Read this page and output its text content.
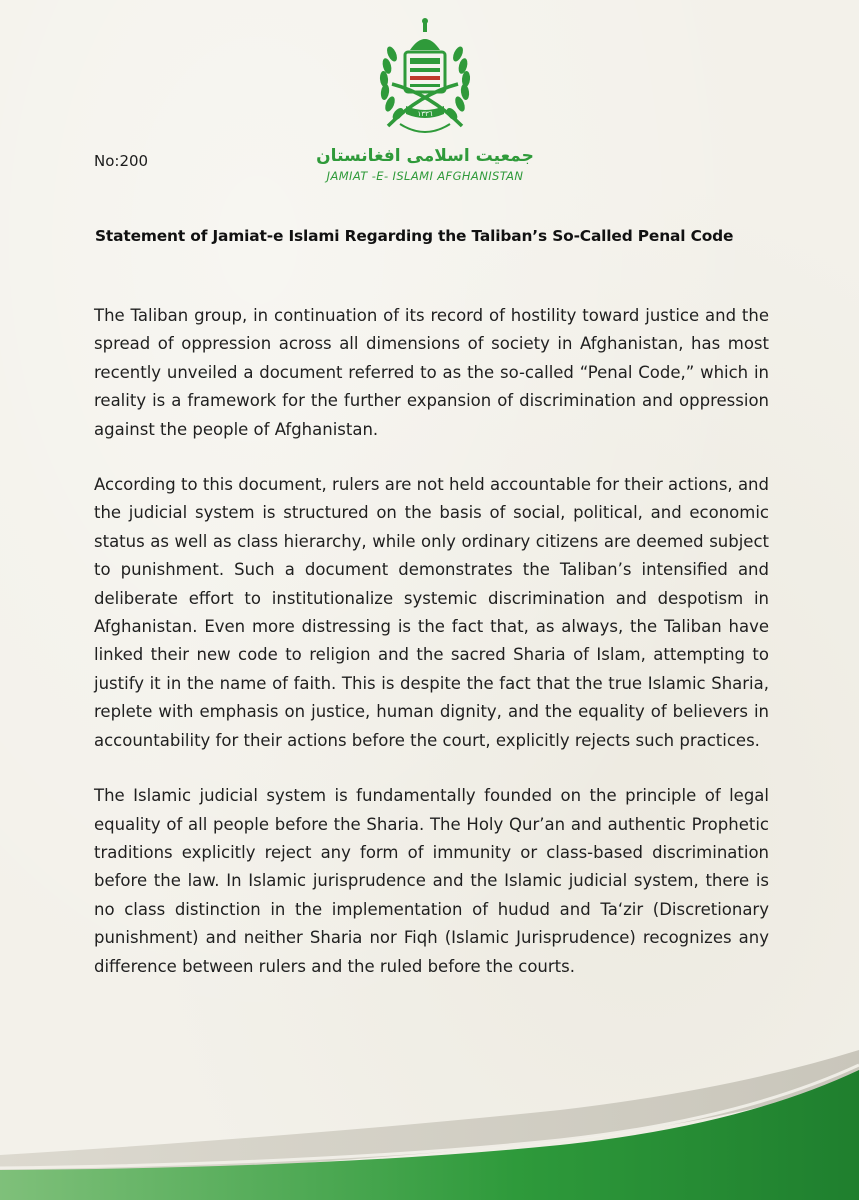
١٣٣٦
جمعیت اسلامی افغانستان
JAMIAT -E- ISLAMI AFGHANISTAN
No:200
Statement of Jamiat-e Islami Regarding the Taliban’s So-Called Penal Code

The Taliban group, in continuation of its record of hostility toward justice and the spread of oppression across all dimensions of society in Afghanistan, has most recently unveiled a document referred to as the so-called “Penal Code,” which in reality is a framework for the further expansion of discrimination and oppression against the people of Afghanistan.

According to this document, rulers are not held accountable for their actions, and the judicial system is structured on the basis of social, political, and economic status as well as class hierarchy, while only ordinary citizens are deemed subject to punishment. Such a document demonstrates the Taliban’s intensified and deliberate effort to institutionalize systemic discrimination and despotism in Afghanistan. Even more distressing is the fact that, as always, the Taliban have linked their new code to religion and the sacred Sharia of Islam, attempting to justify it in the name of faith. This is despite the fact that the true Islamic Sharia, replete with emphasis on justice, human dignity, and the equality of believers in accountability for their actions before the court, explicitly rejects such practices.

The Islamic judicial system is fundamentally founded on the principle of legal equality of all people before the Sharia. The Holy Qur’an and authentic Prophetic traditions explicitly reject any form of immunity or class-based discrimination before the law. In Islamic jurisprudence and the Islamic judicial system, there is no class distinction in the implementation of hudud and Ta‘zir (Discretionary punishment) and neither Sharia nor Fiqh (Islamic Jurisprudence) recognizes any difference between rulers and the ruled before the courts.
